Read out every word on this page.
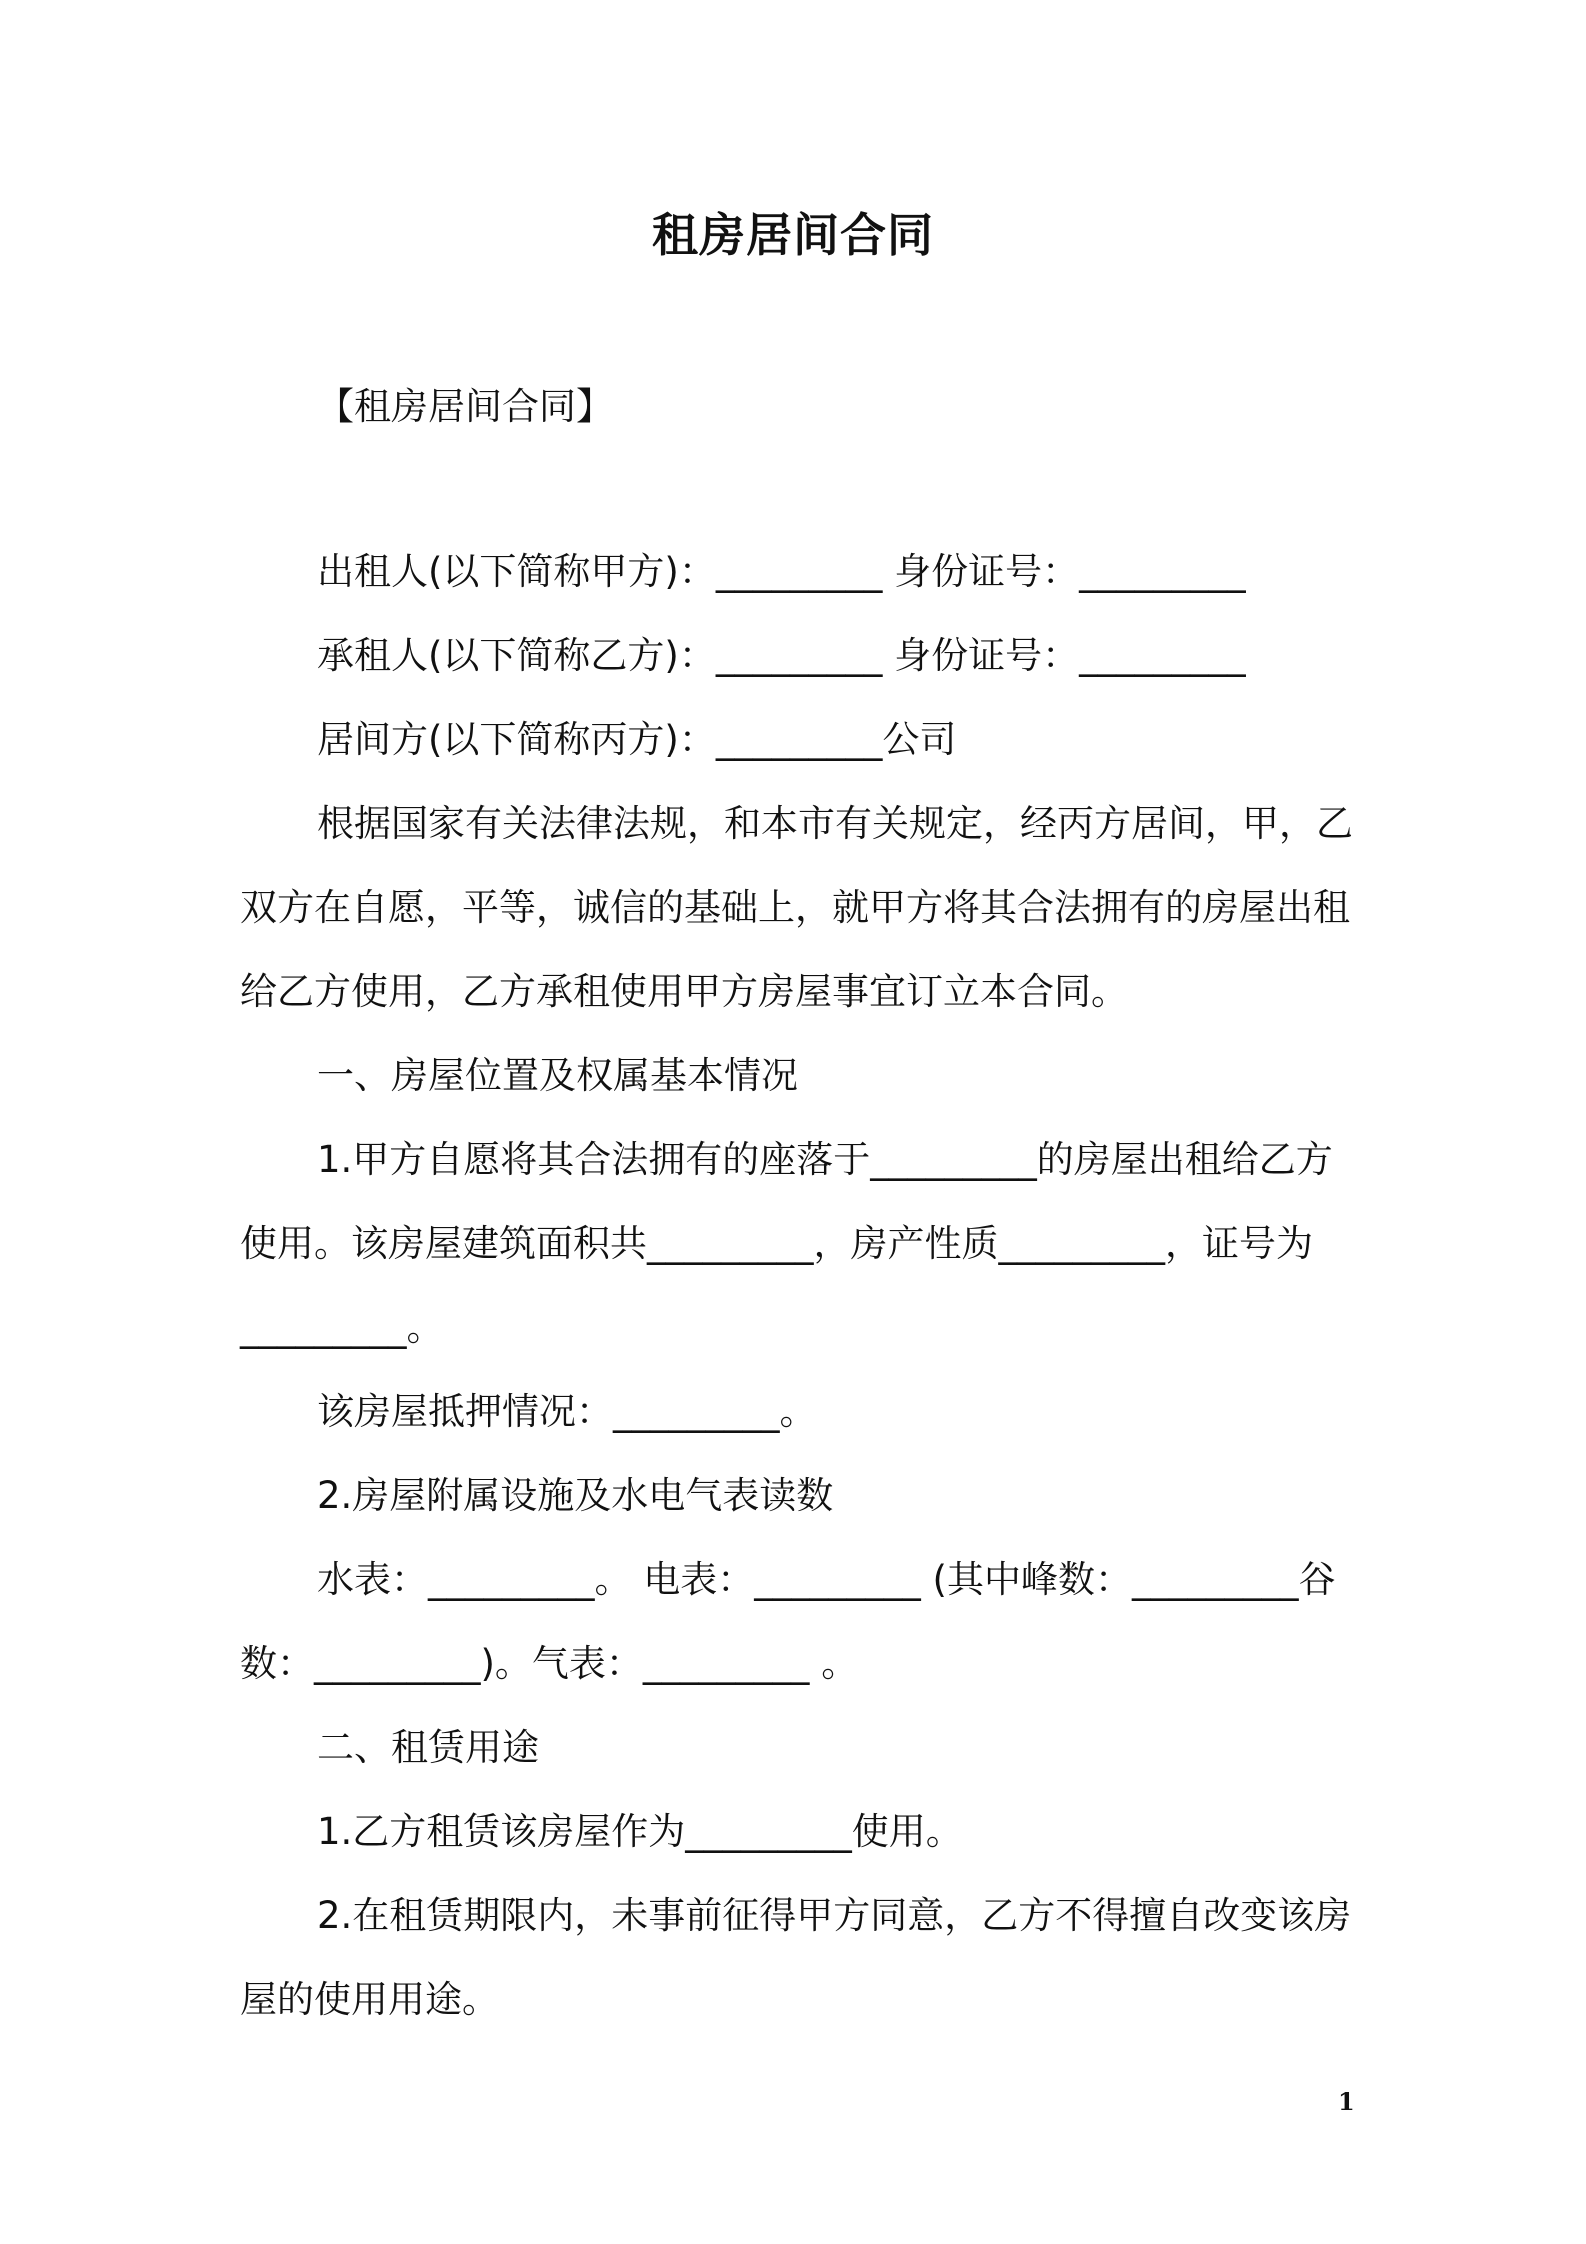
租房居间合同
【租房居间合同】
出租人(以下简称甲方)：_________ 身份证号：_________
承租人(以下简称乙方)：_________ 身份证号：_________
居间方(以下简称丙方)：_________公司
根据国家有关法律法规，和本市有关规定，经丙方居间，甲，乙
双方在自愿，平等，诚信的基础上，就甲方将其合法拥有的房屋出租
给乙方使用，乙方承租使用甲方房屋事宜订立本合同。
一、房屋位置及权属基本情况
1.甲方自愿将其合法拥有的座落于_________的房屋出租给乙方
使用。该房屋建筑面积共_________，房产性质_________，证号为
_________。
该房屋抵押情况：_________。
2.房屋附属设施及水电气表读数
水表：_________。 电表：_________ (其中峰数：_________谷
数：_________)。气表：_________ 。
二、租赁用途
1.乙方租赁该房屋作为_________使用。
2.在租赁期限内，未事前征得甲方同意，乙方不得擅自改变该房
屋的使用用途。
1
